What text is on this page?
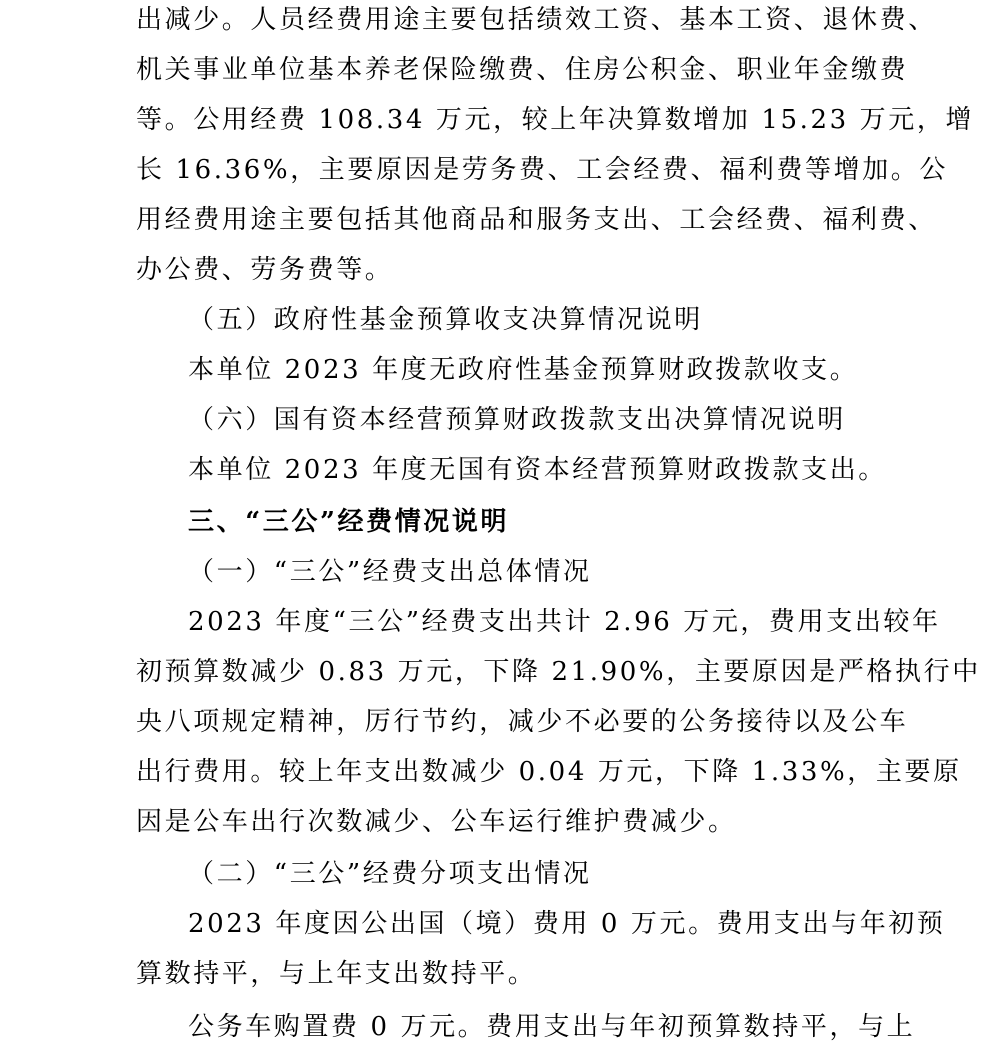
出减少。人员经费用途主要包括绩效工资、基本工资、退休费、
机关事业单位基本养老保险缴费、住房公积金、职业年金缴费
等。公用经费 108.34 万元，较上年决算数增加 15.23 万元，增
长 16.36%，主要原因是劳务费、工会经费、福利费等增加。公
用经费用途主要包括其他商品和服务支出、工会经费、福利费、
办公费、劳务费等。
（五）政府性基金预算收支决算情况说明
本单位 2023 年度无政府性基金预算财政拨款收支。
（六）国有资本经营预算财政拨款支出决算情况说明
本单位 2023 年度无国有资本经营预算财政拨款支出。
三、“三公”经费情况说明
（一）“三公”经费支出总体情况
2023 年度“三公”经费支出共计 2.96 万元，费用支出较年
初预算数减少 0.83 万元，下降 21.90%，主要原因是严格执行中
央八项规定精神，厉行节约，减少不必要的公务接待以及公车
出行费用。较上年支出数减少 0.04 万元，下降 1.33%，主要原
因是公车出行次数减少、公车运行维护费减少。
（二）“三公”经费分项支出情况
2023 年度因公出国（境）费用 0 万元。费用支出与年初预
算数持平，与上年支出数持平。
公务车购置费 0 万元。费用支出与年初预算数持平，与上
